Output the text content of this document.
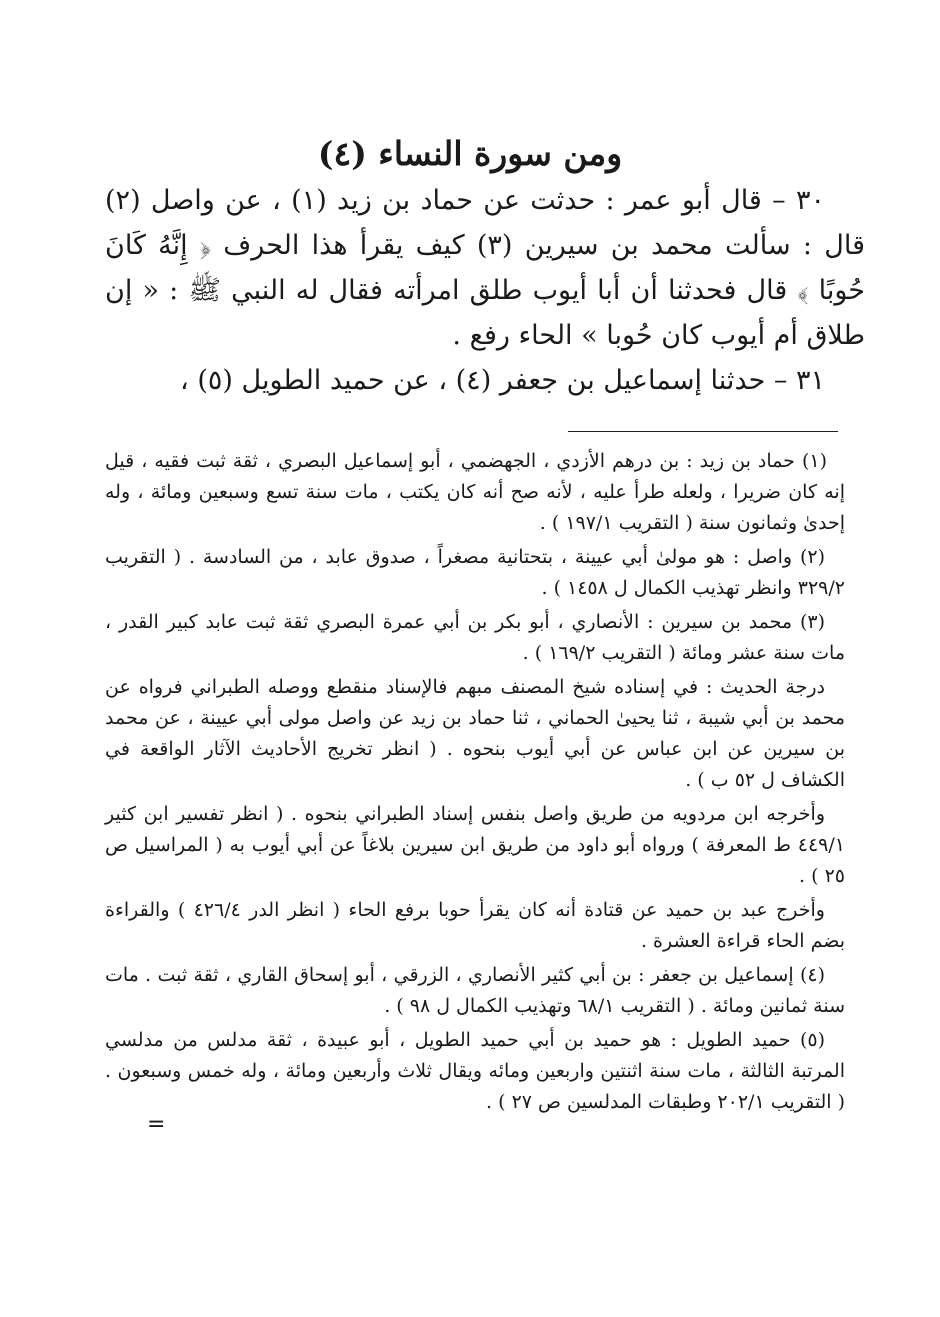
ومن سورة النساء (٤)

٣٠ – قال أبو عمر : حدثت عن حماد بن زيد (١) ، عن واصل (٢) قال : سألت محمد بن سيرين (٣) كيف يقرأ هذا الحرف ﴿ إِنَّهُ كَانَ حُوبًا ﴾ قال فحدثنا أن أبا أيوب طلق امرأته فقال له النبي ﷺ : « إن طلاق أم أيوب كان حُوبا » الحاء رفع .

٣١ – حدثنا إسماعيل بن جعفر (٤) ، عن حميد الطويل (٥) ،

(١) حماد بن زيد : بن درهم الأزدي ، الجهضمي ، أبو إسماعيل البصري ، ثقة ثبت فقيه ، قيل إنه كان ضريرا ، ولعله طرأ عليه ، لأنه صح أنه كان يكتب ، مات سنة تسع وسبعين ومائة ، وله إحدىٰ وثمانون سنة ( التقريب ١٩٧/١ ) .

(٢) واصل : هو مولىٰ أبي عيينة ، بتحتانية مصغراً ، صدوق عابد ، من السادسة . ( التقريب ٣٢٩/٢ وانظر تهذيب الكمال ل ١٤٥٨ ) .

(٣) محمد بن سيرين : الأنصاري ، أبو بكر بن أبي عمرة البصري ثقة ثبت عابد كبير القدر ، مات سنة عشر ومائة ( التقريب ١٦٩/٢ ) .

درجة الحديث : في إسناده شيخ المصنف مبهم فالإسناد منقطع ووصله الطبراني فرواه عن محمد بن أبي شيبة ، ثنا يحيىٰ الحماني ، ثنا حماد بن زيد عن واصل مولى أبي عيينة ، عن محمد بن سيرين عن ابن عباس عن أبي أيوب بنحوه . ( انظر تخريج الأحاديث الآثار الواقعة في الكشاف ل ٥٢ ب ) .

وأخرجه ابن مردويه من طريق واصل بنفس إسناد الطبراني بنحوه . ( انظر تفسير ابن كثير ٤٤٩/١ ط المعرفة ) ورواه أبو داود من طريق ابن سيرين بلاغاً عن أبي أيوب به ( المراسيل ص ٢٥ ) .

وأخرج عبد بن حميد عن قتادة أنه كان يقرأ حوبا برفع الحاء ( انظر الدر ٤٢٦/٤ ) والقراءة بضم الحاء قراءة العشرة .

(٤) إسماعيل بن جعفر : بن أبي كثير الأنصاري ، الزرقي ، أبو إسحاق القاري ، ثقة ثبت . مات سنة ثمانين ومائة . ( التقريب ٦٨/١ وتهذيب الكمال ل ٩٨ ) .

(٥) حميد الطويل : هو حميد بن أبي حميد الطويل ، أبو عبيدة ، ثقة مدلس من مدلسي المرتبة الثالثة ، مات سنة اثنتين واربعين ومائه ويقال ثلاث وأربعين ومائة ، وله خمس وسبعون . ( التقريب ٢٠٢/١ وطبقات المدلسين ص ٢٧ ) .

=
